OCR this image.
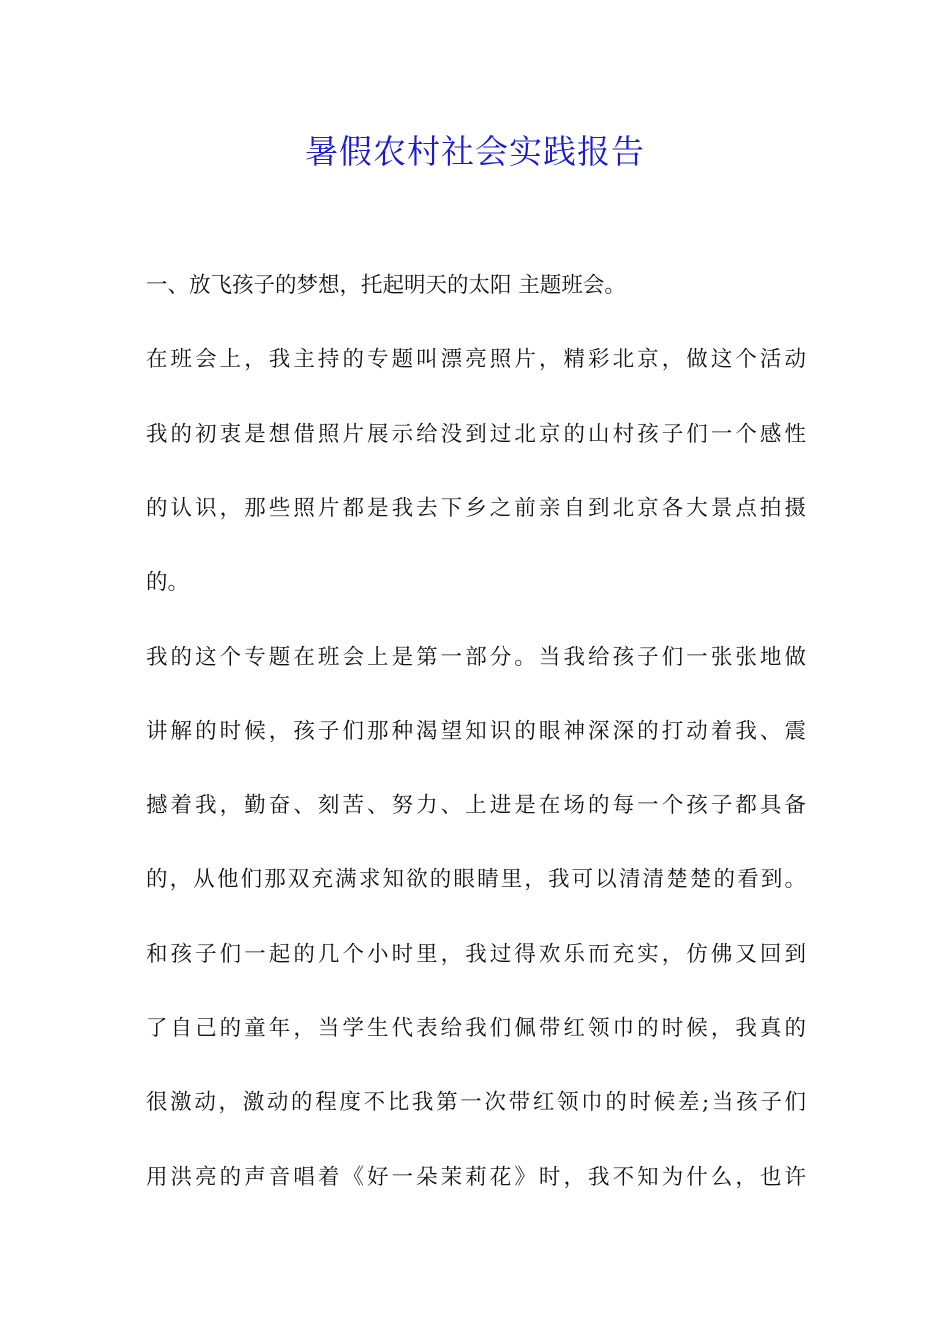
暑假农村社会实践报告
一、放飞孩子的梦想，托起明天的太阳 主题班会。
在班会上，我主持的专题叫漂亮照片，精彩北京，做这个活动
我的初衷是想借照片展示给没到过北京的山村孩子们一个感性
的认识，那些照片都是我去下乡之前亲自到北京各大景点拍摄
的。
我的这个专题在班会上是第一部分。当我给孩子们一张张地做
讲解的时候，孩子们那种渴望知识的眼神深深的打动着我、震
撼着我，勤奋、刻苦、努力、上进是在场的每一个孩子都具备
的，从他们那双充满求知欲的眼睛里，我可以清清楚楚的看到。
和孩子们一起的几个小时里，我过得欢乐而充实，仿佛又回到
了自己的童年，当学生代表给我们佩带红领巾的时候，我真的
很激动，激动的程度不比我第一次带红领巾的时候差;当孩子们
用洪亮的声音唱着《好一朵茉莉花》时，我不知为什么，也许
